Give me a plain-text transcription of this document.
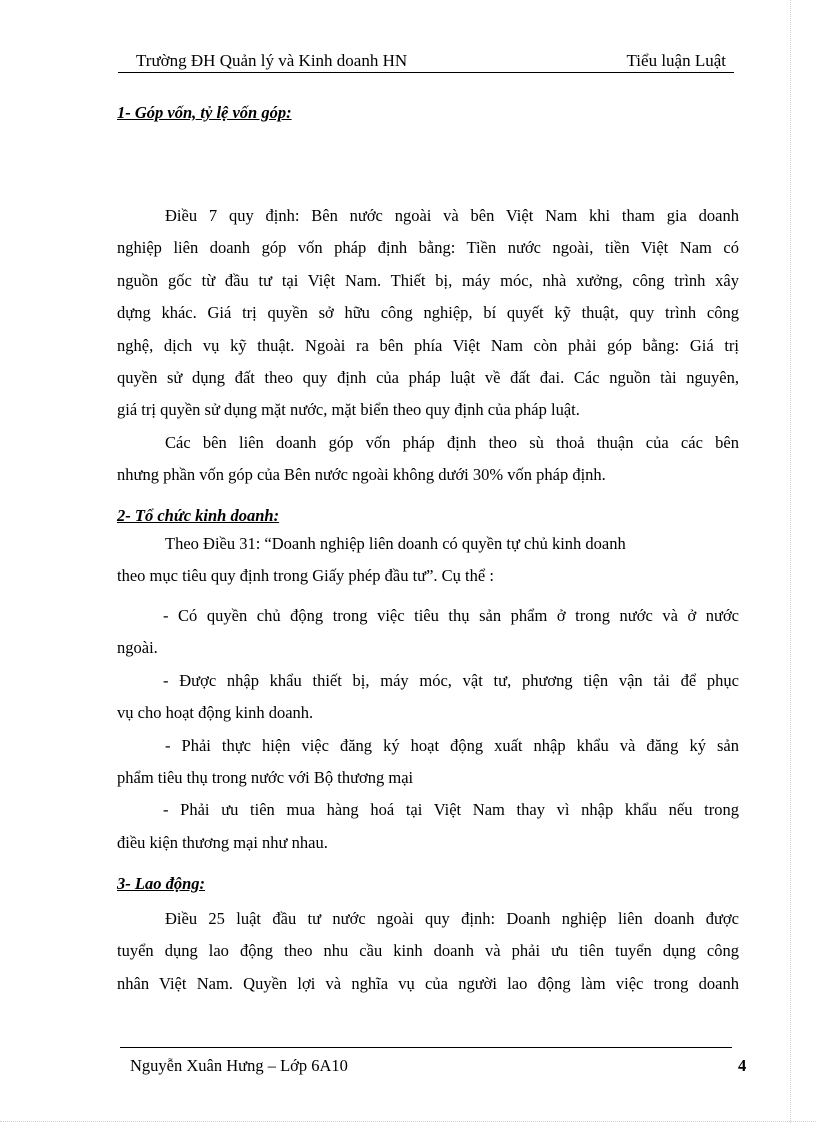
Trường ĐH Quản lý và Kinh doanh HN	Tiểu luận Luật
1- Góp vốn, tỷ lệ vốn góp:
Điều 7 quy định: Bên nước ngoài và bên Việt Nam khi tham gia doanh
nghiệp liên doanh góp vốn pháp định bằng: Tiền nước ngoài, tiền Việt Nam có
nguồn gốc từ đầu tư tại Việt Nam. Thiết bị, máy móc, nhà xưởng, công trình xây
dựng khác. Giá trị quyền sở hữu công nghiệp, bí quyết kỹ thuật, quy trình công
nghệ, dịch vụ kỹ thuật. Ngoài ra bên phía Việt Nam còn phải góp bằng: Giá trị
quyền sử dụng đất theo quy định của pháp luật về đất đai. Các nguồn tài nguyên,
giá trị quyền sử dụng mặt nước, mặt biển theo quy định của pháp luật.
Các bên liên doanh góp vốn pháp định theo sù thoả thuận của các bên
nhưng phần vốn góp của Bên nước ngoài không dưới 30% vốn pháp định.
2- Tổ chức kinh doanh:
Theo Điều 31: “Doanh nghiệp liên doanh có quyền tự chủ kinh doanh
theo mục tiêu quy định trong Giấy phép đầu tư”. Cụ thể :
- Có quyền chủ động trong việc tiêu thụ sản phẩm ở trong nước và ở nước
ngoài.
- Được nhập khẩu thiết bị, máy móc, vật tư, phương tiện vận tải để phục
vụ cho hoạt động kinh doanh.
- Phải thực hiện việc đăng ký hoạt động xuất nhập khẩu và đăng ký sản
phẩm tiêu thụ trong nước với Bộ thương mại
- Phải ưu tiên mua hàng hoá tại Việt Nam thay vì nhập khẩu nếu trong
điều kiện thương mại như nhau.
3- Lao động:
Điều 25 luật đầu tư nước ngoài quy định: Doanh nghiệp liên doanh được
tuyển dụng lao động theo nhu cầu kinh doanh và phải ưu tiên tuyển dụng công
nhân Việt Nam. Quyền lợi và nghĩa vụ của người lao động làm việc trong doanh
Nguyễn Xuân Hưng – Lớp 6A10	4
